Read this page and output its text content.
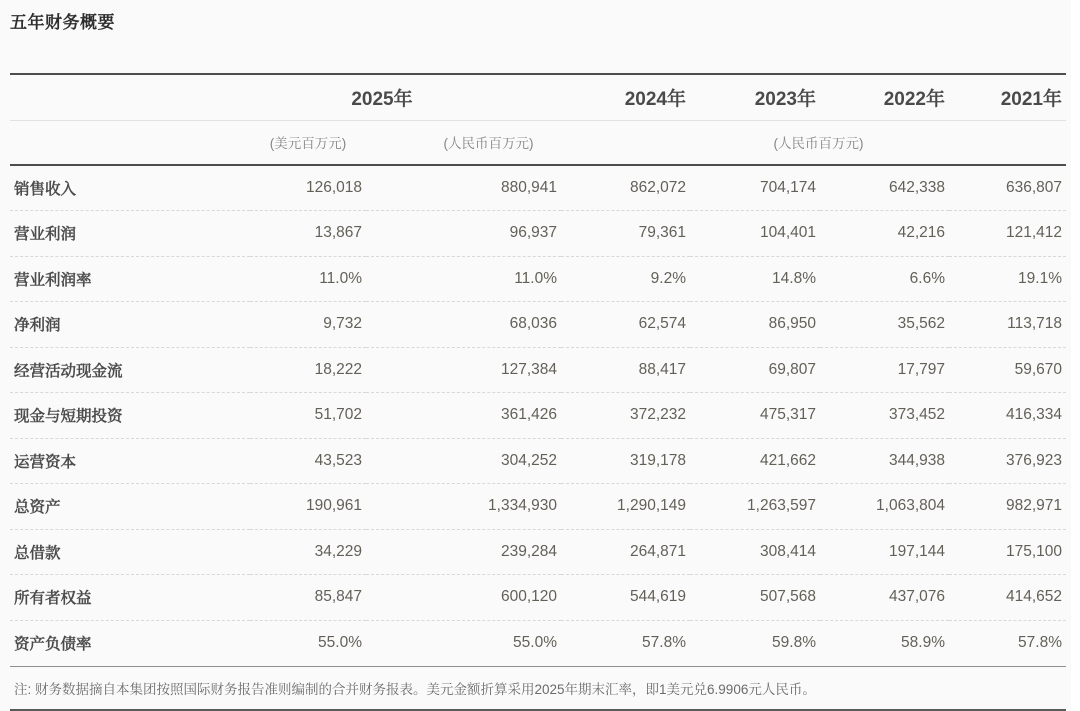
五年财务概要
	2025年		2024年	2023年	2022年	2021年
	(美元百万元)	(人民币百万元)	(人民币百万元)			
销售收入	126,018	880,941	862,072	704,174	642,338	636,807
营业利润	13,867	96,937	79,361	104,401	42,216	121,412
营业利润率	11.0%	11.0%	9.2%	14.8%	6.6%	19.1%
净利润	9,732	68,036	62,574	86,950	35,562	113,718
经营活动现金流	18,222	127,384	88,417	69,807	17,797	59,670
现金与短期投资	51,702	361,426	372,232	475,317	373,452	416,334
运营资本	43,523	304,252	319,178	421,662	344,938	376,923
总资产	190,961	1,334,930	1,290,149	1,263,597	1,063,804	982,971
总借款	34,229	239,284	264,871	308,414	197,144	175,100
所有者权益	85,847	600,120	544,619	507,568	437,076	414,652
资产负债率	55.0%	55.0%	57.8%	59.8%	58.9%	57.8%
注: 财务数据摘自本集团按照国际财务报告准则编制的合并财务报表。美元金额折算采用2025年期末汇率，即1美元兑6.9906元人民币。
